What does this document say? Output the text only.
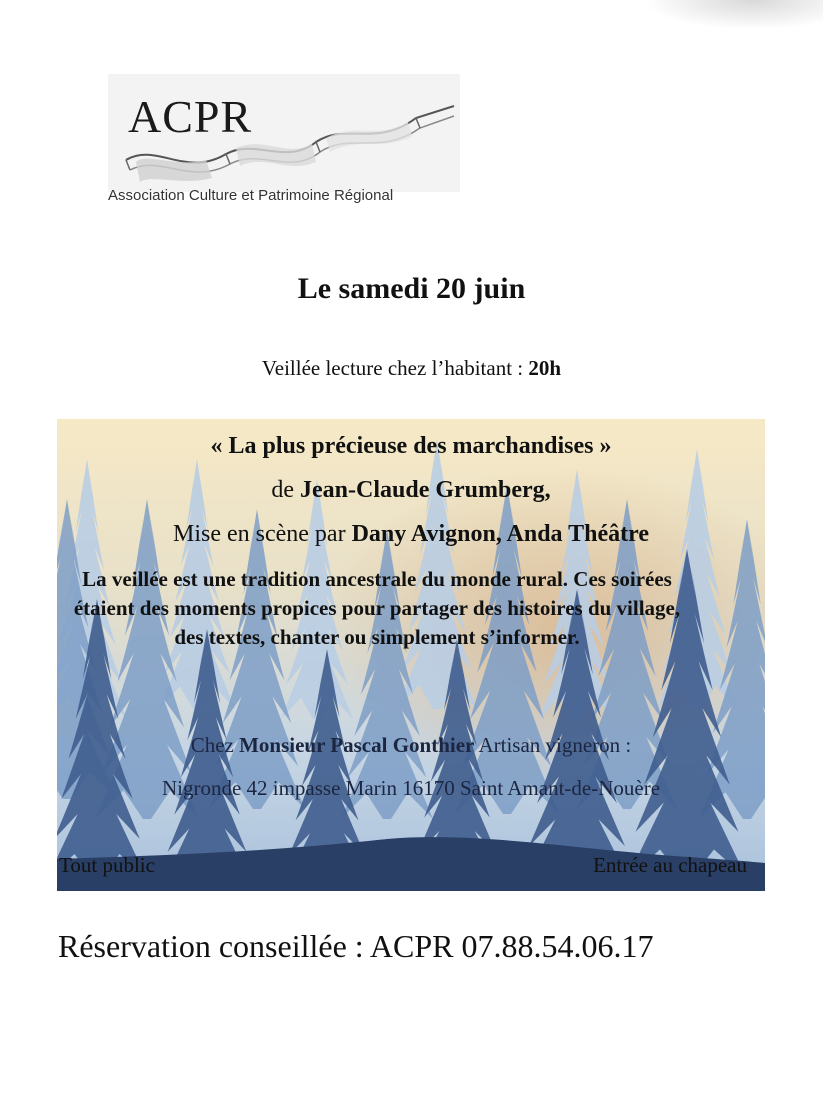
ACPR
Association Culture et Patrimoine Régional
Le samedi 20 juin
Veillée lecture chez l’habitant : 20h
« La plus précieuse des marchandises »
de Jean-Claude Grumberg,
Mise en scène par Dany Avignon, Anda Théâtre
La veillée est une tradition ancestrale du monde rural. Ces soirées étaient des moments propices pour partager des histoires du village, des textes, chanter ou simplement s’informer.
Chez Monsieur Pascal Gonthier Artisan vigneron :
Nigronde 42 impasse Marin 16170 Saint Amant-de-Nouère
Tout public	Entrée au chapeau
Réservation conseillée : ACPR 07.88.54.06.17
